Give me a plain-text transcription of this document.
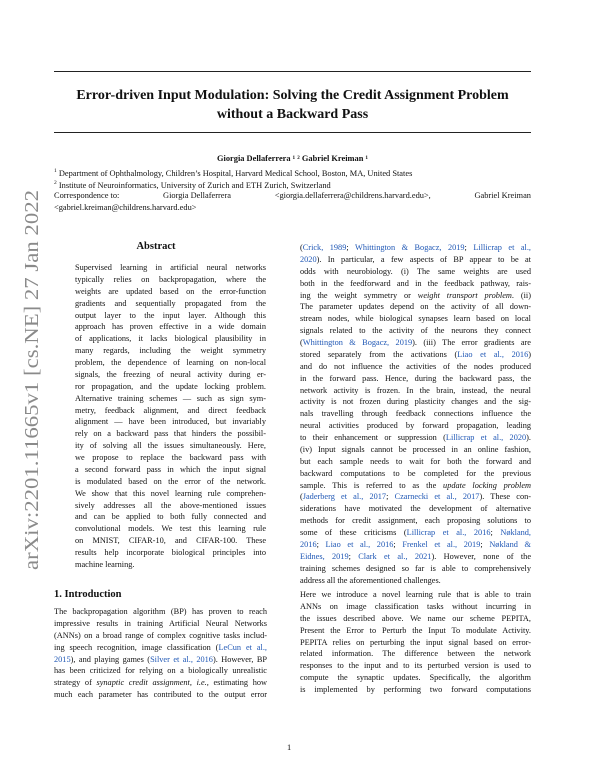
arXiv:2201.11665v1 [cs.NE] 27 Jan 2022
Error-driven Input Modulation: Solving the Credit Assignment Problem
without a Backward Pass
Giorgia Dellaferrera ¹ ² Gabriel Kreiman ¹
$^1$ Department of Ophthalmology, Children’s Hospital, Harvard Medical School, Boston, MA, United States
$^2$ Institute of Neuroinformatics, University of Zurich and ETH Zurich, Switzerland
Correspondence to:	Giorgia Dellaferrera	<giorgia.dellaferrera@childrens.harvard.edu>,	Gabriel Kreiman
<gabriel.kreiman@childrens.harvard.edu>
Abstract
Supervised learning in artificial neural networks
typically relies on backpropagation, where the
weights are updated based on the error-function
gradients and sequentially propagated from the
output layer to the input layer. Although this
approach has proven effective in a wide domain
of applications, it lacks biological plausibility in
many regards, including the weight symmetry
problem, the dependence of learning on non-local
signals, the freezing of neural activity during er-
ror propagation, and the update locking problem.
Alternative training schemes — such as sign sym-
metry, feedback alignment, and direct feedback
alignment — have been introduced, but invariably
rely on a backward pass that hinders the possibil-
ity of solving all the issues simultaneously. Here,
we propose to replace the backward pass with
a second forward pass in which the input signal
is modulated based on the error of the network.
We show that this novel learning rule comprehen-
sively addresses all the above-mentioned issues
and can be applied to both fully connected and
convolutional models. We test this learning rule
on MNIST, CIFAR-10, and CIFAR-100. These
results help incorporate biological principles into
machine learning.
1. Introduction
The backpropagation algorithm (BP) has proven to reach
impressive results in training Artificial Neural Networks
(ANNs) on a broad range of complex cognitive tasks includ-
ing speech recognition, image classification (LeCun et al.,
2015), and playing games (Silver et al., 2016). However, BP
has been criticized for relying on a biologically unrealistic
strategy of synaptic credit assignment, i.e., estimating how
much each parameter has contributed to the output error
(Crick, 1989; Whittington & Bogacz, 2019; Lillicrap et al.,
2020). In particular, a few aspects of BP appear to be at
odds with neurobiology. (i) The same weights are used
both in the feedforward and in the feedback pathway, rais-
ing the weight symmetry or weight transport problem. (ii)
The parameter updates depend on the activity of all down-
stream nodes, while biological synapses learn based on local
signals related to the activity of the neurons they connect
(Whittington & Bogacz, 2019). (iii) The error gradients are
stored separately from the activations (Liao et al., 2016)
and do not influence the activities of the nodes produced
in the forward pass. Hence, during the backward pass, the
network activity is frozen. In the brain, instead, the neural
activity is not frozen during plasticity changes and the sig-
nals travelling through feedback connections influence the
neural activities produced by forward propagation, leading
to their enhancement or suppression (Lillicrap et al., 2020).
(iv) Input signals cannot be processed in an online fashion,
but each sample needs to wait for both the forward and
backward computations to be completed for the previous
sample. This is referred to as the update locking problem
(Jaderberg et al., 2017; Czarnecki et al., 2017). These con-
siderations have motivated the development of alternative
methods for credit assignment, each proposing solutions to
some of these criticisms (Lillicrap et al., 2016; Nøkland,
2016; Liao et al., 2016; Frenkel et al., 2019; Nøkland &
Eidnes, 2019; Clark et al., 2021). However, none of the
training schemes designed so far is able to comprehensively
address all the aforementioned challenges.
Here we introduce a novel learning rule that is able to train
ANNs on image classification tasks without incurring in
the issues described above. We name our scheme PEPITA,
Present the Error to Perturb the Input To modulate Activity.
PEPITA relies on perturbing the input signal based on error-
related information. The difference between the network
responses to the input and to its perturbed version is used to
compute the synaptic updates. Specifically, the algorithm
is implemented by performing two forward computations
1
